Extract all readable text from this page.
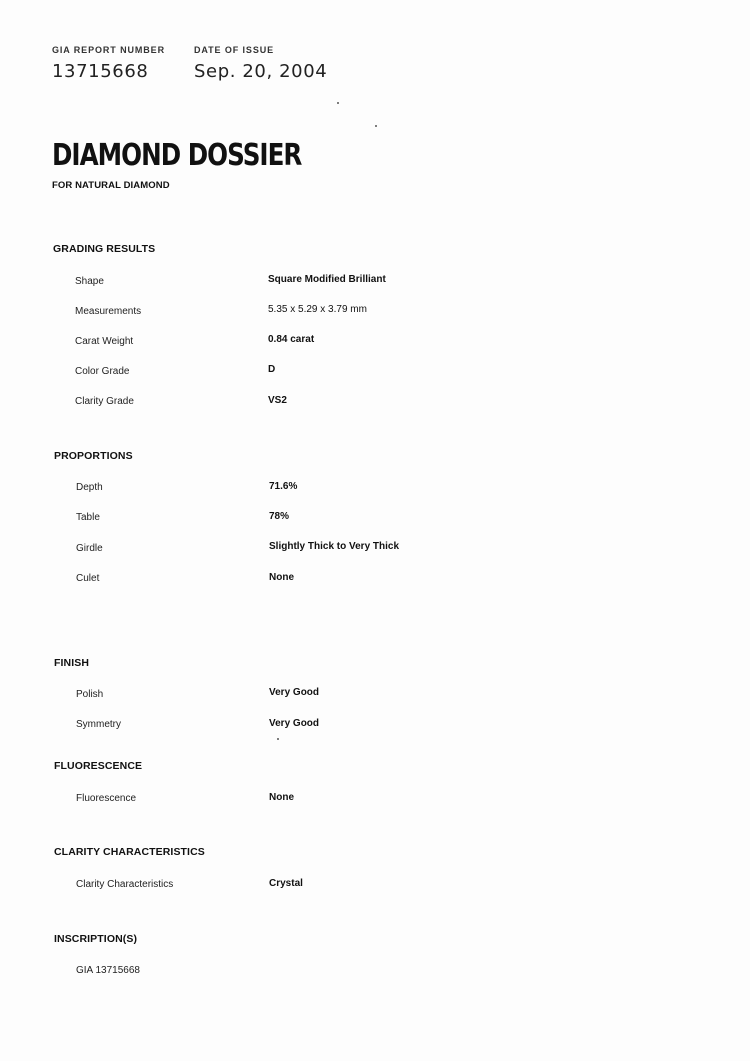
GIA REPORT NUMBER
13715668
DATE OF ISSUE
Sep. 20, 2004
DIAMOND DOSSIER
FOR NATURAL DIAMOND
GRADING RESULTS
Shape	Square Modified Brilliant
Measurements	5.35 x 5.29 x 3.79 mm
Carat Weight	0.84 carat
Color Grade	D
Clarity Grade	VS2
PROPORTIONS
Depth	71.6%
Table	78%
Girdle	Slightly Thick to Very Thick
Culet	None
FINISH
Polish	Very Good
Symmetry	Very Good
FLUORESCENCE
Fluorescence	None
CLARITY CHARACTERISTICS
Clarity Characteristics	Crystal
INSCRIPTION(S)
GIA 13715668
